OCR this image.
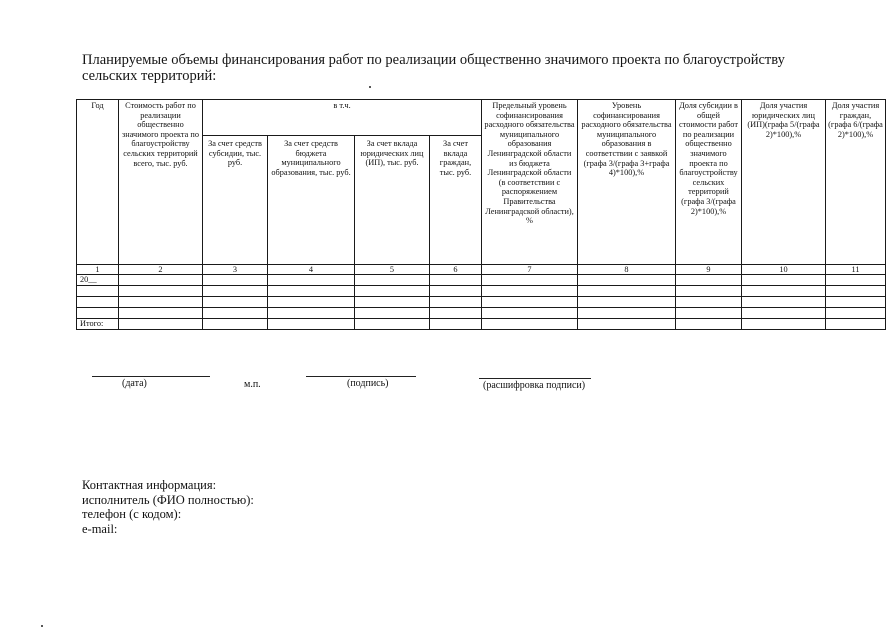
Планируемые объемы финансирования работ по реализации общественно значимого проекта по благоустройству сельских территорий:
Год	Стоимость работ по реализации общественно значимого проекта по благоустройству сельских территорий всего, тыс. руб.	в т.ч.				Предельный уровень софинансирования расходного обязательства муниципального образования Ленинградской области из бюджета Ленинградской области (в соответствии с распоряжением Правительства Ленинградской области), %	Уровень софинансирования расходного обязательства муниципального образования в соответствии с заявкой (графа 3/(графа 3+графа 4)*100),%	Доля субсидии в общей стоимости работ по реализации общественно значимого проекта по благоустройству сельских территорий (графа 3/(графа 2)*100),%	Доля участия юридических лиц (ИП)(графа 5/(графа 2)*100),%	Доля участия граждан, (графа 6/(графа 2)*100),%
		За счет средств субсидии, тыс. руб.	За счет средств бюджета муниципального образования, тыс. руб.	За счет вклада юридических лиц (ИП), тыс. руб.	За счет вклада граждан, тыс. руб.					
1	2	3	4	5	6	7	8	9	10	11
20__										

Итого:										
(дата)	м.п.	(подпись)	(расшифровка подписи)
Контактная информация:
исполнитель (ФИО полностью):
телефон (с кодом):
e-mail:
